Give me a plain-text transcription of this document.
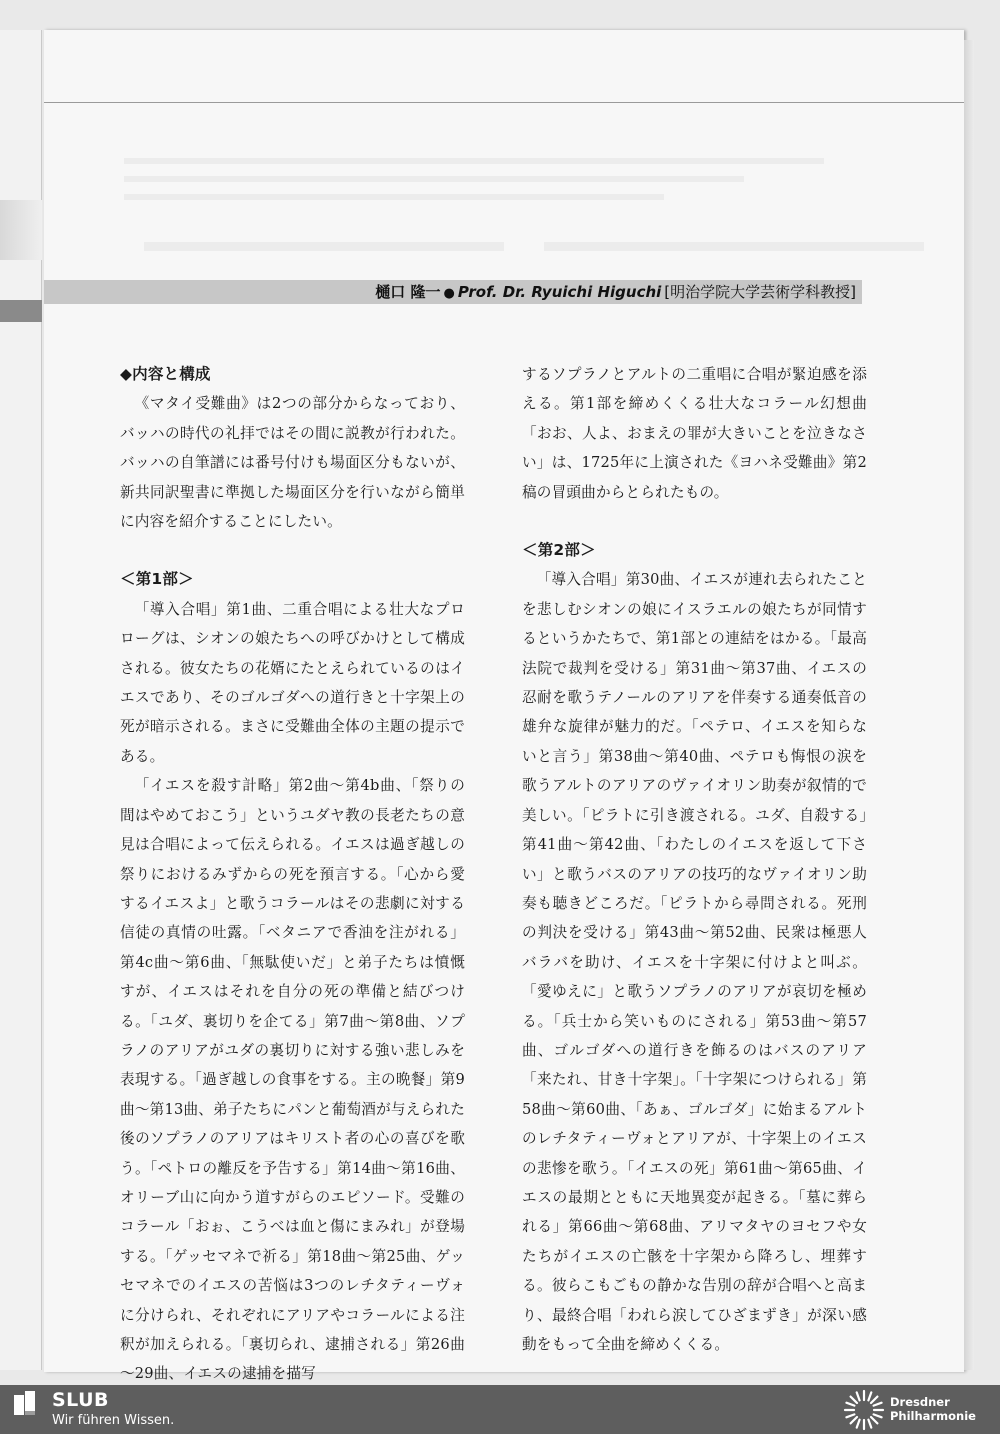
樋口 隆一 ● Prof. Dr. Ryuichi Higuchi [明治学院大学芸術学科教授]
◆内容と構成

《マタイ受難曲》は2つの部分からなっており、バッハの時代の礼拝ではその間に説教が行われた。バッハの自筆譜には番号付けも場面区分もないが、新共同訳聖書に準拠した場面区分を行いながら簡単に内容を紹介することにしたい。

＜第1部＞

「導入合唱」第1曲、二重合唱による壮大なプロローグは、シオンの娘たちへの呼びかけとして構成される。彼女たちの花婿にたとえられているのはイエスであり、そのゴルゴダへの道行きと十字架上の死が暗示される。まさに受難曲全体の主題の提示である。

「イエスを殺す計略」第2曲～第4b曲、「祭りの間はやめておこう」というユダヤ教の長老たちの意見は合唱によって伝えられる。イエスは過ぎ越しの祭りにおけるみずからの死を預言する。「心から愛するイエスよ」と歌うコラールはその悲劇に対する信徒の真情の吐露。「ベタニアで香油を注がれる」第4c曲～第6曲、「無駄使いだ」と弟子たちは憤慨すが、イエスはそれを自分の死の準備と結びつける。「ユダ、裏切りを企てる」第7曲～第8曲、ソプラノのアリアがユダの裏切りに対する強い悲しみを表現する。「過ぎ越しの食事をする。主の晩餐」第9曲～第13曲、弟子たちにパンと葡萄酒が与えられた後のソプラノのアリアはキリスト者の心の喜びを歌う。「ペトロの離反を予告する」第14曲～第16曲、オリーブ山に向かう道すがらのエピソード。受難のコラール「おぉ、こうべは血と傷にまみれ」が登場する。「ゲッセマネで祈る」第18曲～第25曲、ゲッセマネでのイエスの苦悩は3つのレチタティーヴォに分けられ、それぞれにアリアやコラールによる注釈が加えられる。「裏切られ、逮捕される」第26曲～29曲、イエスの逮捕を描写

するソプラノとアルトの二重唱に合唱が緊迫感を添える。第1部を締めくくる壮大なコラール幻想曲「おお、人よ、おまえの罪が大きいことを泣きなさい」は、1725年に上演された《ヨハネ受難曲》第2稿の冒頭曲からとられたもの。

＜第2部＞

「導入合唱」第30曲、イエスが連れ去られたことを悲しむシオンの娘にイスラエルの娘たちが同情するというかたちで、第1部との連結をはかる。「最高法院で裁判を受ける」第31曲～第37曲、イエスの忍耐を歌うテノールのアリアを伴奏する通奏低音の雄弁な旋律が魅力的だ。「ペテロ、イエスを知らないと言う」第38曲～第40曲、ペテロも悔恨の涙を歌うアルトのアリアのヴァイオリン助奏が叙情的で美しい。「ピラトに引き渡される。ユダ、自殺する」第41曲～第42曲、「わたしのイエスを返して下さい」と歌うバスのアリアの技巧的なヴァイオリン助奏も聴きどころだ。「ピラトから尋問される。死刑の判決を受ける」第43曲～第52曲、民衆は極悪人バラバを助け、イエスを十字架に付けよと叫ぶ。「愛ゆえに」と歌うソプラノのアリアが哀切を極める。「兵士から笑いものにされる」第53曲～第57曲、ゴルゴダへの道行きを飾るのはバスのアリア「来たれ、甘き十字架」。「十字架につけられる」第58曲～第60曲、「あぁ、ゴルゴダ」に始まるアルトのレチタティーヴォとアリアが、十字架上のイエスの悲惨を歌う。「イエスの死」第61曲～第65曲、イエスの最期とともに天地異変が起きる。「墓に葬られる」第66曲～第68曲、アリマタヤのヨセフや女たちがイエスの亡骸を十字架から降ろし、埋葬する。彼らこもごもの静かな告別の辞が合唱へと高まり、最終合唱「われら涙してひざまずき」が深い感動をもって全曲を締めくくる。

SLUB
Wir führen Wissen.
Dresdner
Philharmonie
